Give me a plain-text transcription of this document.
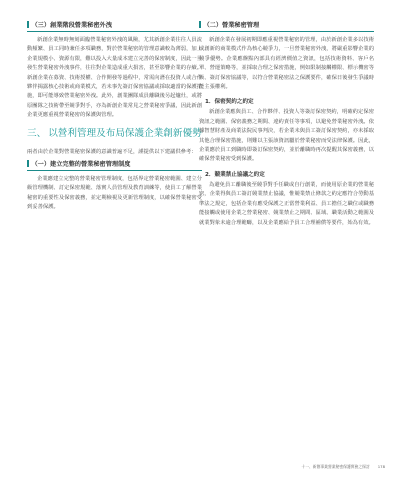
（三）創業階段營業秘密外洩

新創企業無時無刻面臨營業秘密外洩的風險，尤其新創企業往往人員流動頻繁、員工同時兼任多項職務，對於營業秘密的管理意識較為薄弱，加上企業規模小、資源有限，難以投入大量成本建立完善的保密制度，因此一旦發生營業秘密外洩事件，往往對企業造成重大損害，甚至影響企業的存續。新創企業在募資、技術授權、合作開發等過程中，常需向潛在投資人或合作夥伴揭露核心技術或商業模式，若未事先簽訂保密協議或採取適當的保護措施，即可能導致營業秘密外洩。此外，創業團隊成員離職後另起爐灶，或將原團隊之技術帶至競爭對手，亦為新創企業常見之營業秘密爭議，因此新創企業更應重視營業秘密的保護與管理。

三、 以營利管理及布局保護企業創新優勢

兩者由於企業對營業秘密保護的意識普遍不足，謹提供以下建議供參考：

（一）建立完整的營業秘密管理制度

企業應建立完整的營業秘密管理制度，包括界定營業秘密範圍、建立分級管理機制、訂定保密規範、落實人員管理及教育訓練等，使員工了解營業秘密的重要性及保密義務，並定期檢視及更新管理制度，以確保營業秘密受到妥善保護。

（二）營業秘密管理

新創企業在發展初期即應重視營業秘密的管理，由於新創企業多以技術或創新的商業模式作為核心競爭力，一旦營業秘密外洩，將嚴重影響企業的競爭優勢。企業應盤點內部具有經濟價值之資訊，包括技術資料、客戶名單、營運策略等，並採取合理之保密措施，例如限制接觸權限、標示機密等級、簽訂保密協議等，以符合營業秘密法之保護要件，確保日後發生爭議時能主張權利。

1．保密契約之約定

新創企業應與員工、合作夥伴、投資人等簽訂保密契約，明確約定保密資訊之範圍、保密義務之期間、違約責任等事項，以避免營業秘密外洩。依據智慧財產及商業法院民事判決，若企業未與員工簽訂保密契約，亦未採取其他合理保密措施，則難以主張該資訊屬於營業秘密而受法律保護。因此，企業應於員工到職時即簽訂保密契約，並於離職時再次提醒其保密義務，以確保營業秘密受到保護。

2．競業禁止協議之約定

為避免員工離職後至競爭對手任職或自行創業，而使用原企業的營業秘密，企業得與員工簽訂競業禁止協議，惟競業禁止條款之約定應符合勞動基準法之規定，包括企業有應受保護之正當營業利益、員工擔任之職位或職務能接觸或使用企業之營業秘密、競業禁止之期間、區域、職業活動之範圍及就業對象未逾合理範疇，以及企業應給予員工合理補償等要件，始為有效。

十一、新創事業營業秘密保護實務之探討 178
